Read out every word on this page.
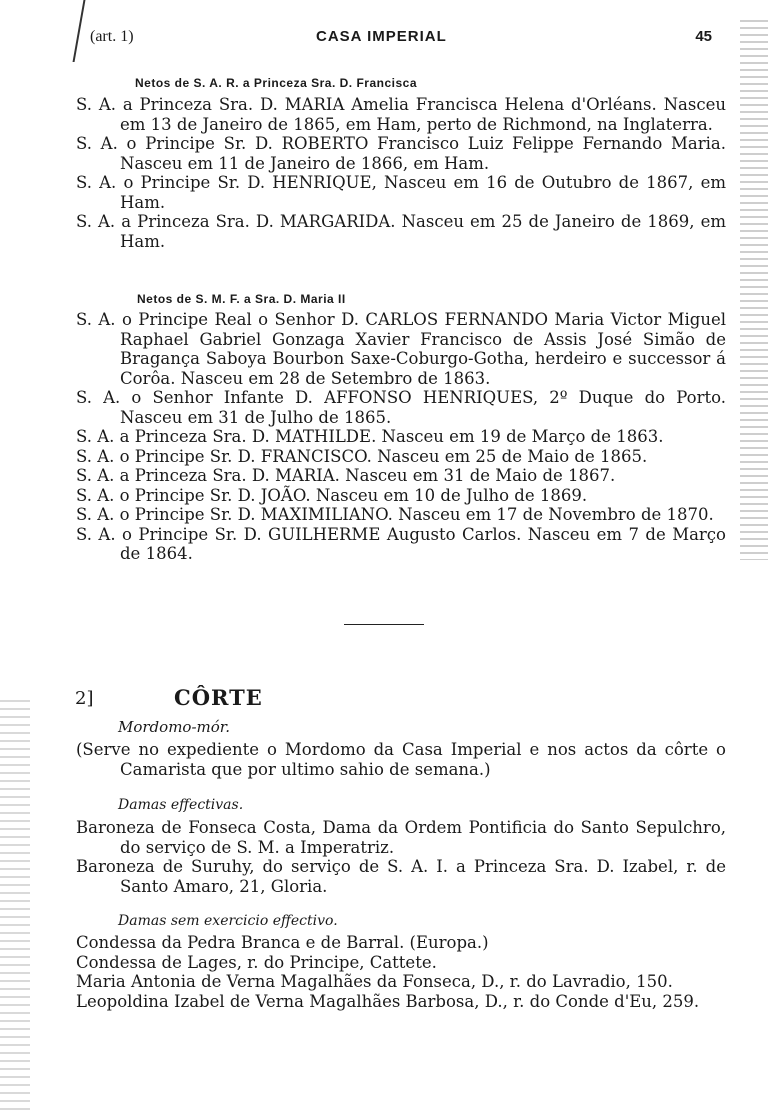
(art. 1)	CASA IMPERIAL	45
Netos de S. A. R. a Princeza Sra. D. Francisca
S. A. a Princeza Sra. D. MARIA Amelia Francisca Helena d'Orléans. Nasceu em 13 de Janeiro de 1865, em Ham, perto de Richmond, na Inglaterra.
S. A. o Principe Sr. D. ROBERTO Francisco Luiz Felippe Fernando Maria. Nasceu em 11 de Janeiro de 1866, em Ham.
S. A. o Principe Sr. D. HENRIQUE, Nasceu em 16 de Outubro de 1867, em Ham.
S. A. a Princeza Sra. D. MARGARIDA. Nasceu em 25 de Janeiro de 1869, em Ham.
Netos de S. M. F. a Sra. D. Maria II
S. A. o Principe Real o Senhor D. CARLOS FERNANDO Maria Victor Miguel Raphael Gabriel Gonzaga Xavier Francisco de Assis José Simão de Bragança Saboya Bourbon Saxe-Coburgo-Gotha, herdeiro e successor á Corôa. Nasceu em 28 de Setembro de 1863.
S. A. o Senhor Infante D. AFFONSO HENRIQUES, 2º Duque do Porto. Nasceu em 31 de Julho de 1865.
S. A. a Princeza Sra. D. MATHILDE. Nasceu em 19 de Março de 1863.
S. A. o Principe Sr. D. FRANCISCO. Nasceu em 25 de Maio de 1865.
S. A. a Princeza Sra. D. MARIA. Nasceu em 31 de Maio de 1867.
S. A. o Principe Sr. D. JOÃO. Nasceu em 10 de Julho de 1869.
S. A. o Principe Sr. D. MAXIMILIANO. Nasceu em 17 de Novembro de 1870.
S. A. o Principe Sr. D. GUILHERME Augusto Carlos. Nasceu em 7 de Março de 1864.
2]	CÔRTE
Mordomo-mór.
(Serve no expediente o Mordomo da Casa Imperial e nos actos da côrte o Camarista que por ultimo sahio de semana.)
Damas effectivas.
Baroneza de Fonseca Costa, Dama da Ordem Pontificia do Santo Sepulchro, do serviço de S. M. a Imperatriz.
Baroneza de Suruhy, do serviço de S. A. I. a Princeza Sra. D. Izabel, r. de Santo Amaro, 21, Gloria.
Damas sem exercicio effectivo.
Condessa da Pedra Branca e de Barral. (Europa.)
Condessa de Lages, r. do Principe, Cattete.
Maria Antonia de Verna Magalhães da Fonseca, D., r. do Lavradio, 150.
Leopoldina Izabel de Verna Magalhães Barbosa, D., r. do Conde d'Eu, 259.
